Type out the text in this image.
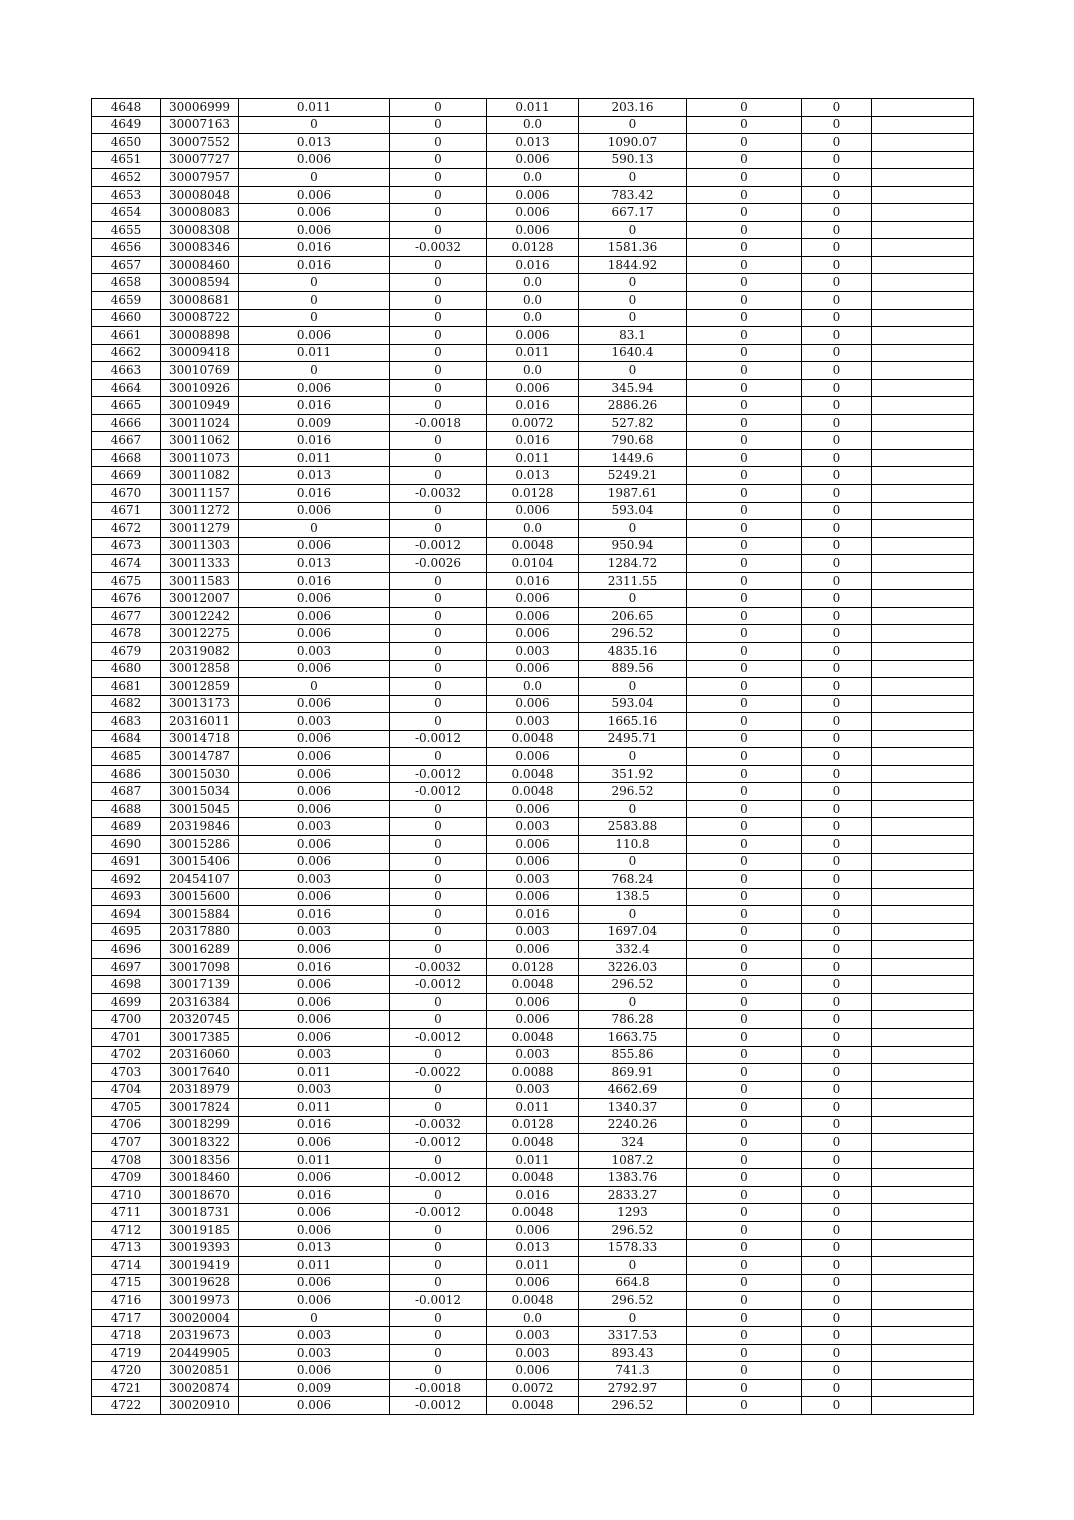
4648	30006999	0.011	0	0.011	203.16	0	0	
4649	30007163	0	0	0.0	0	0	0	
4650	30007552	0.013	0	0.013	1090.07	0	0	
4651	30007727	0.006	0	0.006	590.13	0	0	
4652	30007957	0	0	0.0	0	0	0	
4653	30008048	0.006	0	0.006	783.42	0	0	
4654	30008083	0.006	0	0.006	667.17	0	0	
4655	30008308	0.006	0	0.006	0	0	0	
4656	30008346	0.016	-0.0032	0.0128	1581.36	0	0	
4657	30008460	0.016	0	0.016	1844.92	0	0	
4658	30008594	0	0	0.0	0	0	0	
4659	30008681	0	0	0.0	0	0	0	
4660	30008722	0	0	0.0	0	0	0	
4661	30008898	0.006	0	0.006	83.1	0	0	
4662	30009418	0.011	0	0.011	1640.4	0	0	
4663	30010769	0	0	0.0	0	0	0	
4664	30010926	0.006	0	0.006	345.94	0	0	
4665	30010949	0.016	0	0.016	2886.26	0	0	
4666	30011024	0.009	-0.0018	0.0072	527.82	0	0	
4667	30011062	0.016	0	0.016	790.68	0	0	
4668	30011073	0.011	0	0.011	1449.6	0	0	
4669	30011082	0.013	0	0.013	5249.21	0	0	
4670	30011157	0.016	-0.0032	0.0128	1987.61	0	0	
4671	30011272	0.006	0	0.006	593.04	0	0	
4672	30011279	0	0	0.0	0	0	0	
4673	30011303	0.006	-0.0012	0.0048	950.94	0	0	
4674	30011333	0.013	-0.0026	0.0104	1284.72	0	0	
4675	30011583	0.016	0	0.016	2311.55	0	0	
4676	30012007	0.006	0	0.006	0	0	0	
4677	30012242	0.006	0	0.006	206.65	0	0	
4678	30012275	0.006	0	0.006	296.52	0	0	
4679	20319082	0.003	0	0.003	4835.16	0	0	
4680	30012858	0.006	0	0.006	889.56	0	0	
4681	30012859	0	0	0.0	0	0	0	
4682	30013173	0.006	0	0.006	593.04	0	0	
4683	20316011	0.003	0	0.003	1665.16	0	0	
4684	30014718	0.006	-0.0012	0.0048	2495.71	0	0	
4685	30014787	0.006	0	0.006	0	0	0	
4686	30015030	0.006	-0.0012	0.0048	351.92	0	0	
4687	30015034	0.006	-0.0012	0.0048	296.52	0	0	
4688	30015045	0.006	0	0.006	0	0	0	
4689	20319846	0.003	0	0.003	2583.88	0	0	
4690	30015286	0.006	0	0.006	110.8	0	0	
4691	30015406	0.006	0	0.006	0	0	0	
4692	20454107	0.003	0	0.003	768.24	0	0	
4693	30015600	0.006	0	0.006	138.5	0	0	
4694	30015884	0.016	0	0.016	0	0	0	
4695	20317880	0.003	0	0.003	1697.04	0	0	
4696	30016289	0.006	0	0.006	332.4	0	0	
4697	30017098	0.016	-0.0032	0.0128	3226.03	0	0	
4698	30017139	0.006	-0.0012	0.0048	296.52	0	0	
4699	20316384	0.006	0	0.006	0	0	0	
4700	20320745	0.006	0	0.006	786.28	0	0	
4701	30017385	0.006	-0.0012	0.0048	1663.75	0	0	
4702	20316060	0.003	0	0.003	855.86	0	0	
4703	30017640	0.011	-0.0022	0.0088	869.91	0	0	
4704	20318979	0.003	0	0.003	4662.69	0	0	
4705	30017824	0.011	0	0.011	1340.37	0	0	
4706	30018299	0.016	-0.0032	0.0128	2240.26	0	0	
4707	30018322	0.006	-0.0012	0.0048	324	0	0	
4708	30018356	0.011	0	0.011	1087.2	0	0	
4709	30018460	0.006	-0.0012	0.0048	1383.76	0	0	
4710	30018670	0.016	0	0.016	2833.27	0	0	
4711	30018731	0.006	-0.0012	0.0048	1293	0	0	
4712	30019185	0.006	0	0.006	296.52	0	0	
4713	30019393	0.013	0	0.013	1578.33	0	0	
4714	30019419	0.011	0	0.011	0	0	0	
4715	30019628	0.006	0	0.006	664.8	0	0	
4716	30019973	0.006	-0.0012	0.0048	296.52	0	0	
4717	30020004	0	0	0.0	0	0	0	
4718	20319673	0.003	0	0.003	3317.53	0	0	
4719	20449905	0.003	0	0.003	893.43	0	0	
4720	30020851	0.006	0	0.006	741.3	0	0	
4721	30020874	0.009	-0.0018	0.0072	2792.97	0	0	
4722	30020910	0.006	-0.0012	0.0048	296.52	0	0	
